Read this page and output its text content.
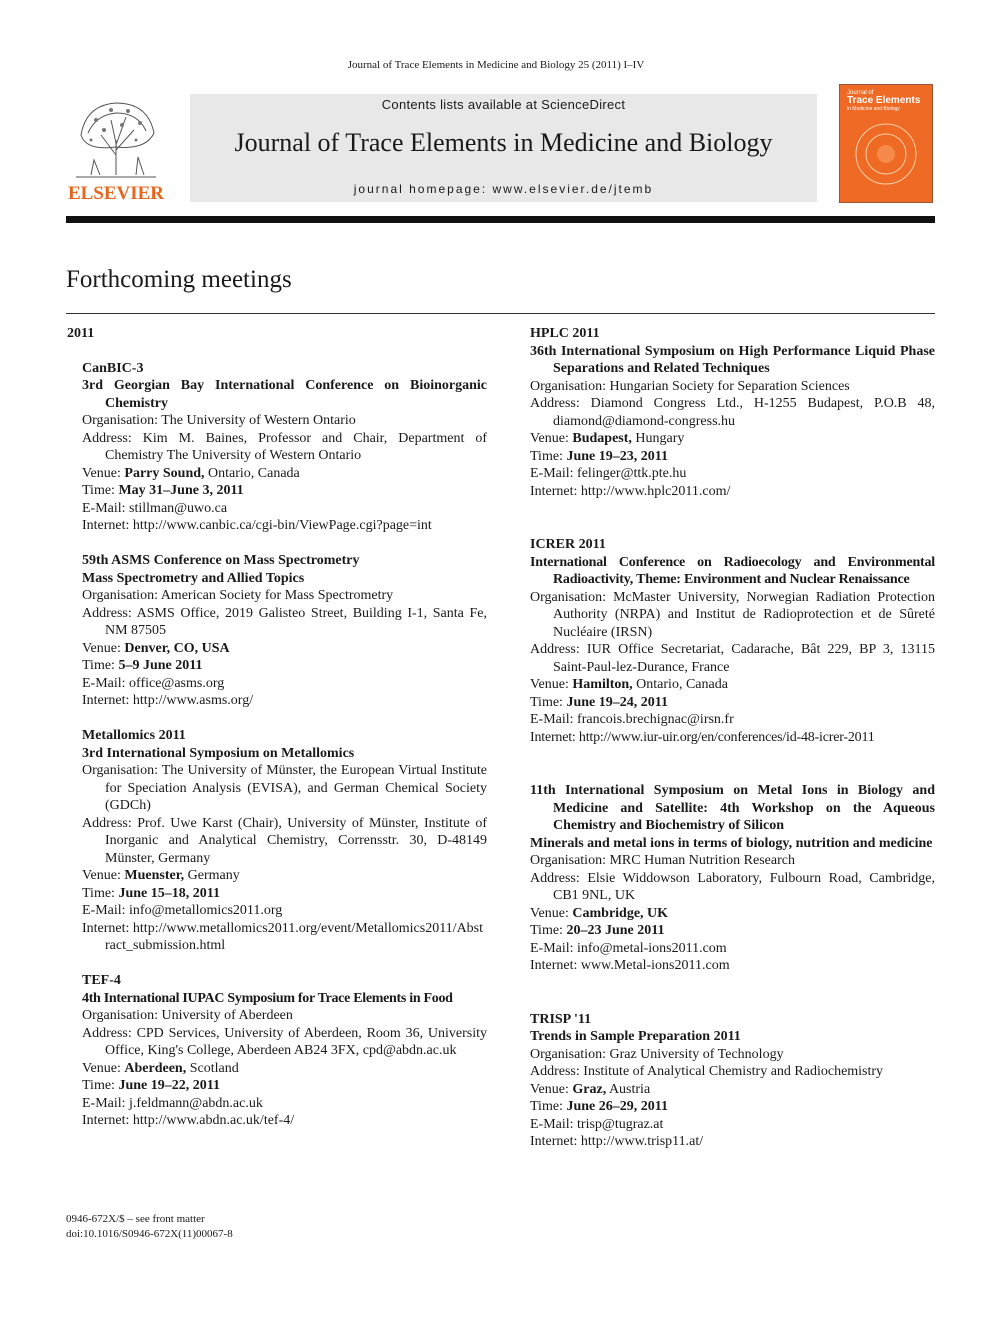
Journal of Trace Elements in Medicine and Biology 25 (2011) I–IV
ELSEVIER
Contents lists available at ScienceDirect
Journal of Trace Elements in Medicine and Biology
journal homepage: www.elsevier.de/jtemb
Journal of
Trace Elements
in Medicine and Biology
Forthcoming meetings
2011
CanBIC-3
3rd Georgian Bay International Conference on Bioinorganic Chemistry
Organisation: The University of Western Ontario
Address: Kim M. Baines, Professor and Chair, Department of Chemistry The University of Western Ontario
Venue: Parry Sound, Ontario, Canada
Time: May 31–June 3, 2011
E-Mail: stillman@uwo.ca
Internet: http://www.canbic.ca/cgi-bin/ViewPage.cgi?page=int
59th ASMS Conference on Mass Spectrometry
Mass Spectrometry and Allied Topics
Organisation: American Society for Mass Spectrometry
Address: ASMS Office, 2019 Galisteo Street, Building I-1, Santa Fe, NM 87505
Venue: Denver, CO, USA
Time: 5–9 June 2011
E-Mail: office@asms.org
Internet: http://www.asms.org/
Metallomics 2011
3rd International Symposium on Metallomics
Organisation: The University of Münster, the European Virtual Institute for Speciation Analysis (EVISA), and German Chemical Society (GDCh)
Address: Prof. Uwe Karst (Chair), University of Münster, Institute of Inorganic and Analytical Chemistry, Corrensstr. 30, D-48149 Münster, Germany
Venue: Muenster, Germany
Time: June 15–18, 2011
E-Mail: info@metallomics2011.org
Internet: http://www.metallomics2011.org/event/Metallomics2011/Abstract_submission.html
TEF-4
4th International IUPAC Symposium for Trace Elements in Food
Organisation: University of Aberdeen
Address: CPD Services, University of Aberdeen, Room 36, University Office, King's College, Aberdeen AB24 3FX, cpd@abdn.ac.uk
Venue: Aberdeen, Scotland
Time: June 19–22, 2011
E-Mail: j.feldmann@abdn.ac.uk
Internet: http://www.abdn.ac.uk/tef-4/
HPLC 2011
36th International Symposium on High Performance Liquid Phase Separations and Related Techniques
Organisation: Hungarian Society for Separation Sciences
Address: Diamond Congress Ltd., H-1255 Budapest, P.O.B 48, diamond@diamond-congress.hu
Venue: Budapest, Hungary
Time: June 19–23, 2011
E-Mail: felinger@ttk.pte.hu
Internet: http://www.hplc2011.com/
ICRER 2011
International Conference on Radioecology and Environmental Radioactivity, Theme: Environment and Nuclear Renaissance
Organisation: McMaster University, Norwegian Radiation Protection Authority (NRPA) and Institut de Radioprotection et de Sûreté Nucléaire (IRSN)
Address: IUR Office Secretariat, Cadarache, Bât 229, BP 3, 13115 Saint-Paul-lez-Durance, France
Venue: Hamilton, Ontario, Canada
Time: June 19–24, 2011
E-Mail: francois.brechignac@irsn.fr
Internet: http://www.iur-uir.org/en/conferences/id-48-icrer-2011
11th International Symposium on Metal Ions in Biology and Medicine and Satellite: 4th Workshop on the Aqueous Chemistry and Biochemistry of Silicon
Minerals and metal ions in terms of biology, nutrition and medicine
Organisation: MRC Human Nutrition Research
Address: Elsie Widdowson Laboratory, Fulbourn Road, Cambridge, CB1 9NL, UK
Venue: Cambridge, UK
Time: 20–23 June 2011
E-Mail: info@metal-ions2011.com
Internet: www.Metal-ions2011.com
TRISP '11
Trends in Sample Preparation 2011
Organisation: Graz University of Technology
Address: Institute of Analytical Chemistry and Radiochemistry
Venue: Graz, Austria
Time: June 26–29, 2011
E-Mail: trisp@tugraz.at
Internet: http://www.trisp11.at/
0946-672X/$ – see front matter
doi:10.1016/S0946-672X(11)00067-8
